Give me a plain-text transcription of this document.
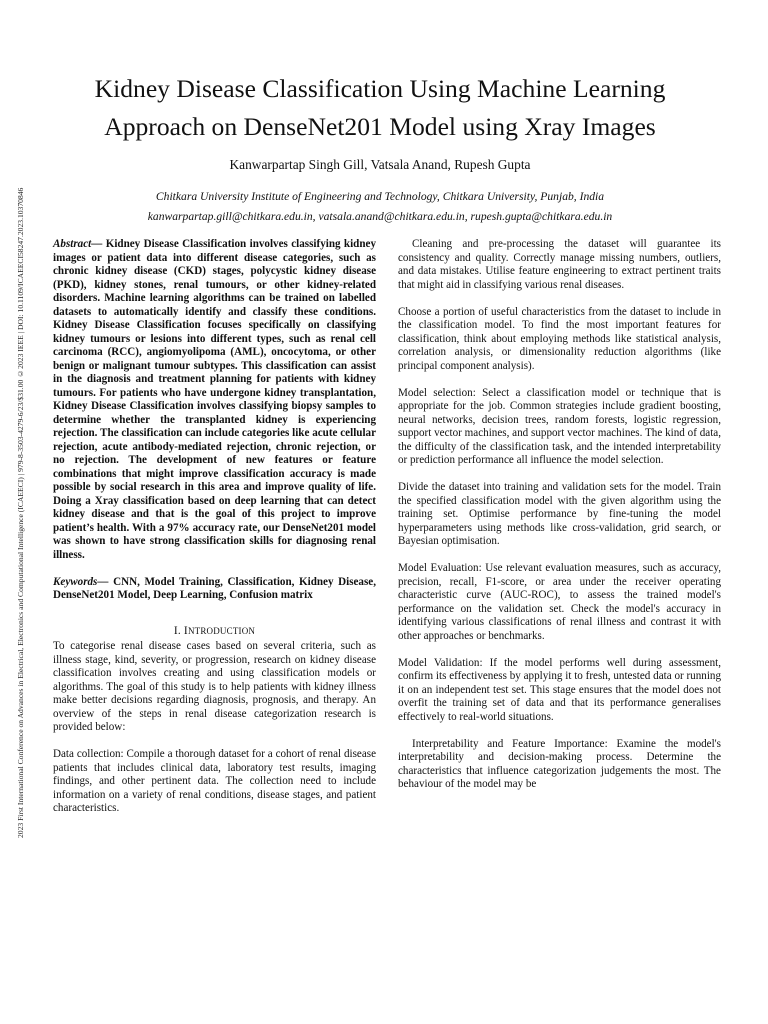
2023 First International Conference on Advances in Electrical, Electronics and Computational Intelligence (ICAEECI) | 979-8-3503-4279-6/23/$31.00 ©2023 IEEE | DOI: 10.1109/ICAEECI58247.2023.10370846
Kidney Disease Classification Using Machine Learning
Approach on DenseNet201 Model using Xray Images
Kanwarpartap Singh Gill, Vatsala Anand, Rupesh Gupta
Chitkara University Institute of Engineering and Technology, Chitkara University, Punjab, India
kanwarpartap.gill@chitkara.edu.in, vatsala.anand@chitkara.edu.in, rupesh.gupta@chitkara.edu.in

Abstract— Kidney Disease Classification involves classifying kidney images or patient data into different disease categories, such as chronic kidney disease (CKD) stages, polycystic kidney disease (PKD), kidney stones, renal tumours, or other kidney-related disorders. Machine learning algorithms can be trained on labelled datasets to automatically identify and classify these conditions. Kidney Disease Classification focuses specifically on classifying kidney tumours or lesions into different types, such as renal cell carcinoma (RCC), angiomyolipoma (AML), oncocytoma, or other benign or malignant tumour subtypes. This classification can assist in the diagnosis and treatment planning for patients with kidney tumours. For patients who have undergone kidney transplantation, Kidney Disease Classification involves classifying biopsy samples to determine whether the transplanted kidney is experiencing rejection. The classification can include categories like acute cellular rejection, acute antibody-mediated rejection, chronic rejection, or no rejection. The development of new features or feature combinations that might improve classification accuracy is made possible by social research in this area and improve quality of life. Doing a Xray classification based on deep learning that can detect kidney disease and that is the goal of this project to improve patient’s health. With a 97% accuracy rate, our DenseNet201 model was shown to have strong classification skills for diagnosing renal illness.

Keywords— CNN, Model Training, Classification, Kidney Disease, DenseNet201 Model, Deep Learning, Confusion matrix

I. INTRODUCTION

To categorise renal disease cases based on several criteria, such as illness stage, kind, severity, or progression, research on kidney disease classification involves creating and using classification models or algorithms. The goal of this study is to help patients with kidney illness make better decisions regarding diagnosis, prognosis, and therapy. An overview of the steps in renal disease categorization research is provided below:

Data collection: Compile a thorough dataset for a cohort of renal disease patients that includes clinical data, laboratory test results, imaging findings, and other pertinent data. The collection need to include information on a variety of renal conditions, disease stages, and patient characteristics.

Cleaning and pre-processing the dataset will guarantee its consistency and quality. Correctly manage missing numbers, outliers, and data mistakes. Utilise feature engineering to extract pertinent traits that might aid in classifying various renal diseases.

Choose a portion of useful characteristics from the dataset to include in the classification model. To find the most important features for classification, think about employing methods like statistical analysis, correlation analysis, or dimensionality reduction algorithms (like principal component analysis).

Model selection: Select a classification model or technique that is appropriate for the job. Common strategies include gradient boosting, neural networks, decision trees, random forests, logistic regression, support vector machines, and support vector machines. The kind of data, the difficulty of the classification task, and the intended interpretability or prediction performance all influence the model selection.

Divide the dataset into training and validation sets for the model. Train the specified classification model with the given algorithm using the training set. Optimise performance by fine-tuning the model hyperparameters using methods like cross-validation, grid search, or Bayesian optimisation.

Model Evaluation: Use relevant evaluation measures, such as accuracy, precision, recall, F1-score, or area under the receiver operating characteristic curve (AUC-ROC), to assess the trained model's performance on the validation set. Check the model's accuracy in identifying various classifications of renal illness and contrast it with other approaches or benchmarks.

Model Validation: If the model performs well during assessment, confirm its effectiveness by applying it to fresh, untested data or running it on an independent test set. This stage ensures that the model does not overfit the training set of data and that its performance generalises effectively to real-world situations.

Interpretability and Feature Importance: Examine the model's interpretability and decision-making process. Determine the characteristics that influence categorization judgements the most. The behaviour of the model may be
